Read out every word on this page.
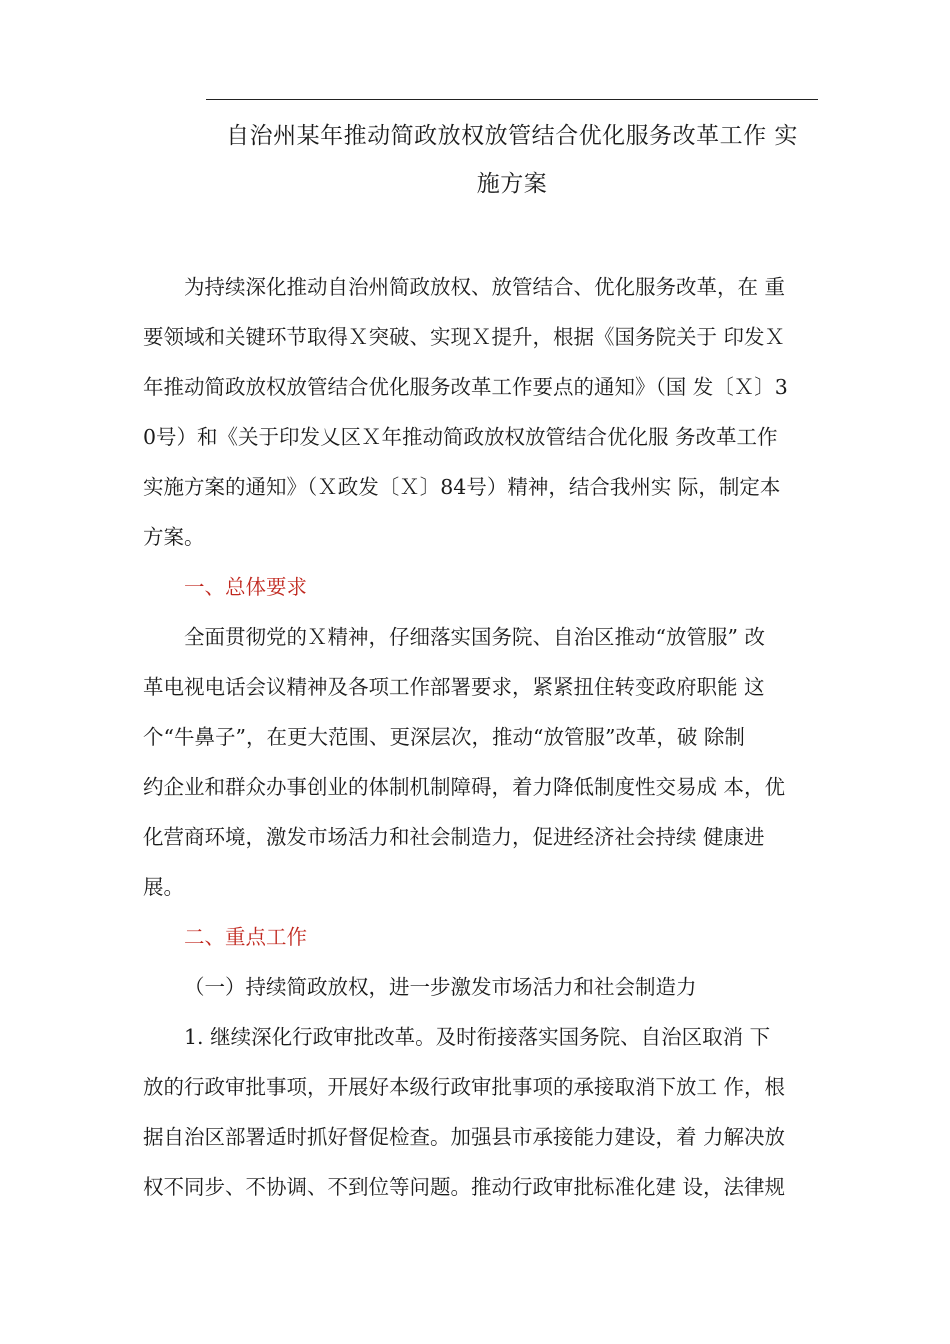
自治州某年推动简政放权放管结合优化服务改革工作 实
施方案
为持续深化推动自治州简政放权、放管结合、优化服务改革，在 重
要领域和关键环节取得Ｘ突破、实现Ｘ提升，根据《国务院关于 印发Ｘ
年推动简政放权放管结合优化服务改革工作要点的通知》（国 发〔Ｘ〕3
0号）和《关于印发乂区Ｘ年推动简政放权放管结合优化服 务改革工作
实施方案的通知》（Ｘ政发〔Ｘ〕84号）精神，结合我州实 际，制定本
方案。

一、总体要求

全面贯彻党的Ｘ精神，仔细落实国务院、自治区推动“放管服” 改
革电视电话会议精神及各项工作部署要求，紧紧扭住转变政府职能 这
个“牛鼻子”，在更大范围、更深层次，推动“放管服”改革，破 除制
约企业和群众办事创业的体制机制障碍，着力降低制度性交易成 本，优
化营商环境，激发市场活力和社会制造力，促进经济社会持续 健康进
展。

二、重点工作

（一）持续简政放权，进一步激发市场活力和社会制造力

1. 继续深化行政审批改革。及时衔接落实国务院、自治区取消 下
放的行政审批事项，开展好本级行政审批事项的承接取消下放工 作，根
据自治区部署适时抓好督促检查。加强县市承接能力建设，着 力解决放
权不同步、不协调、不到位等问题。推动行政审批标准化建 设，法律规
